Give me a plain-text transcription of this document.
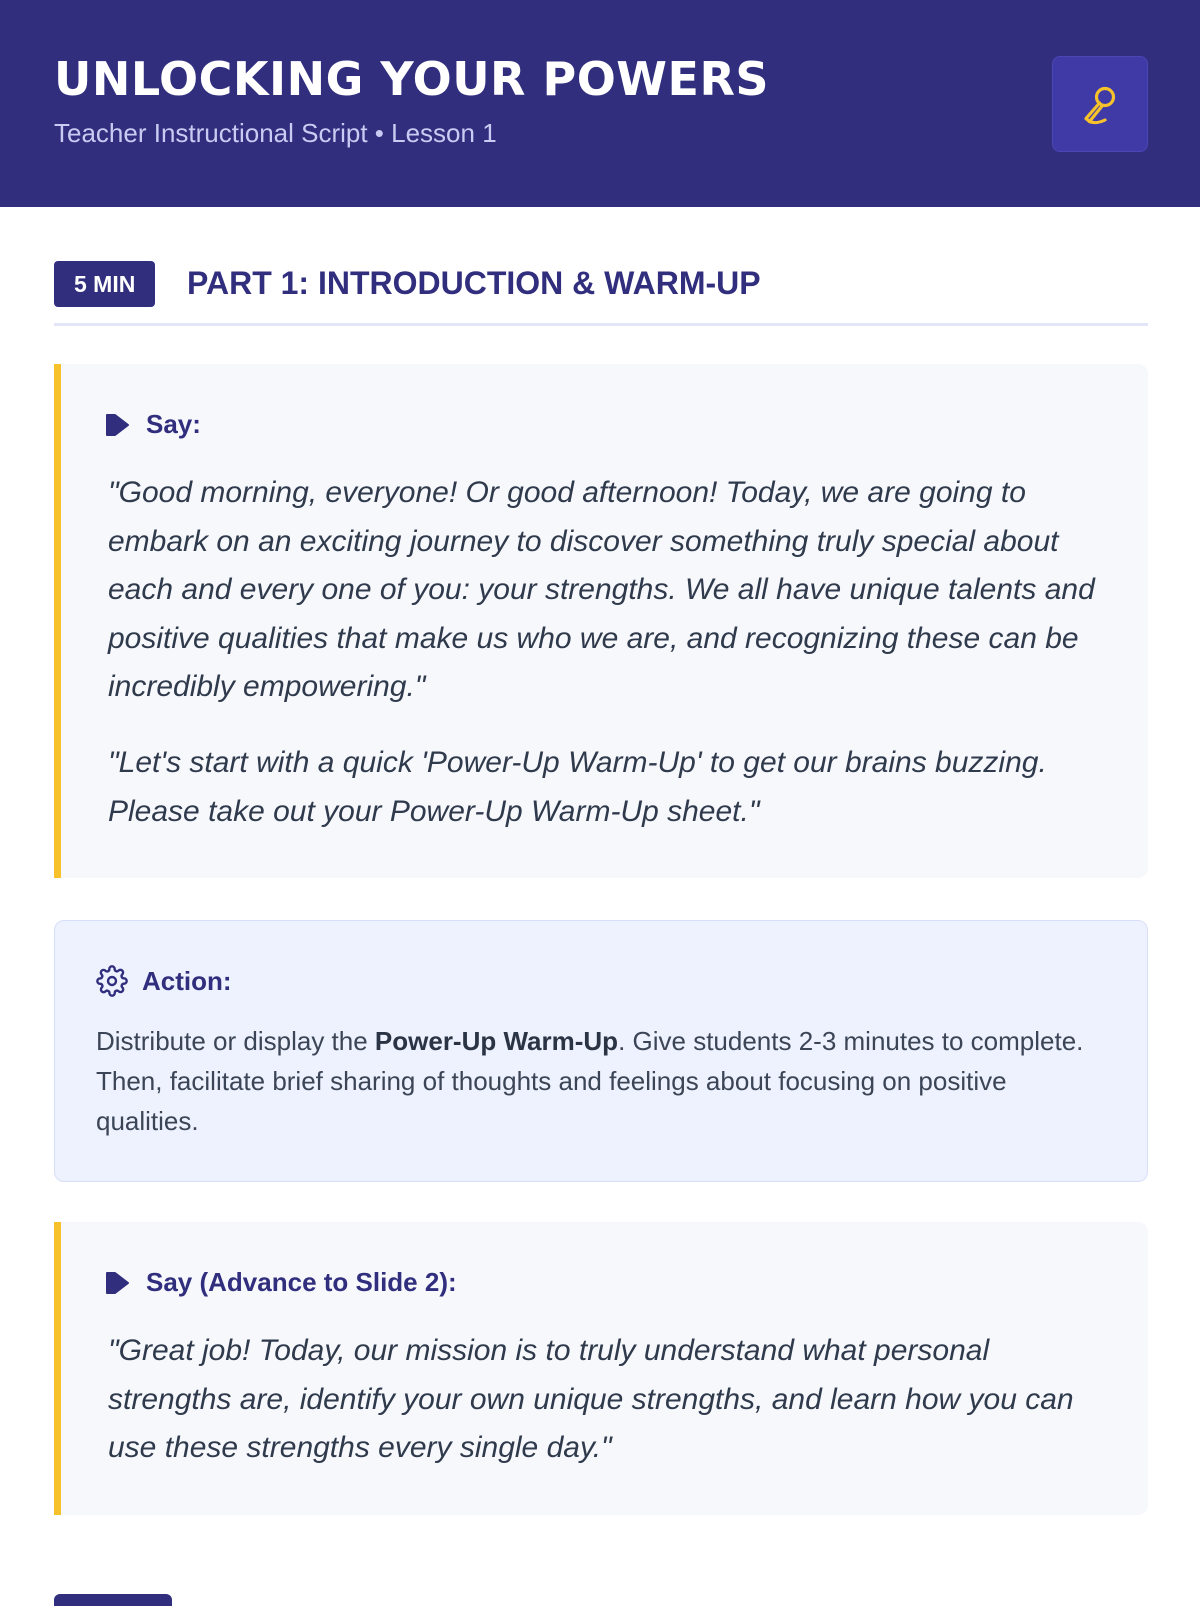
UNLOCKING YOUR POWERS
Teacher Instructional Script • Lesson 1
5 MIN	PART 1: INTRODUCTION & WARM-UP
Say:

"Good morning, everyone! Or good afternoon! Today, we are going to embark on an exciting journey to discover something truly special about each and every one of you: your strengths. We all have unique talents and positive qualities that make us who we are, and recognizing these can be incredibly empowering."

"Let's start with a quick 'Power-Up Warm-Up' to get our brains buzzing. Please take out your Power-Up Warm-Up sheet."

Action:

Distribute or display the Power-Up Warm-Up. Give students 2-3 minutes to complete. Then, facilitate brief sharing of thoughts and feelings about focusing on positive qualities.

Say (Advance to Slide 2):

"Great job! Today, our mission is to truly understand what personal strengths are, identify your own unique strengths, and learn how you can use these strengths every single day."
